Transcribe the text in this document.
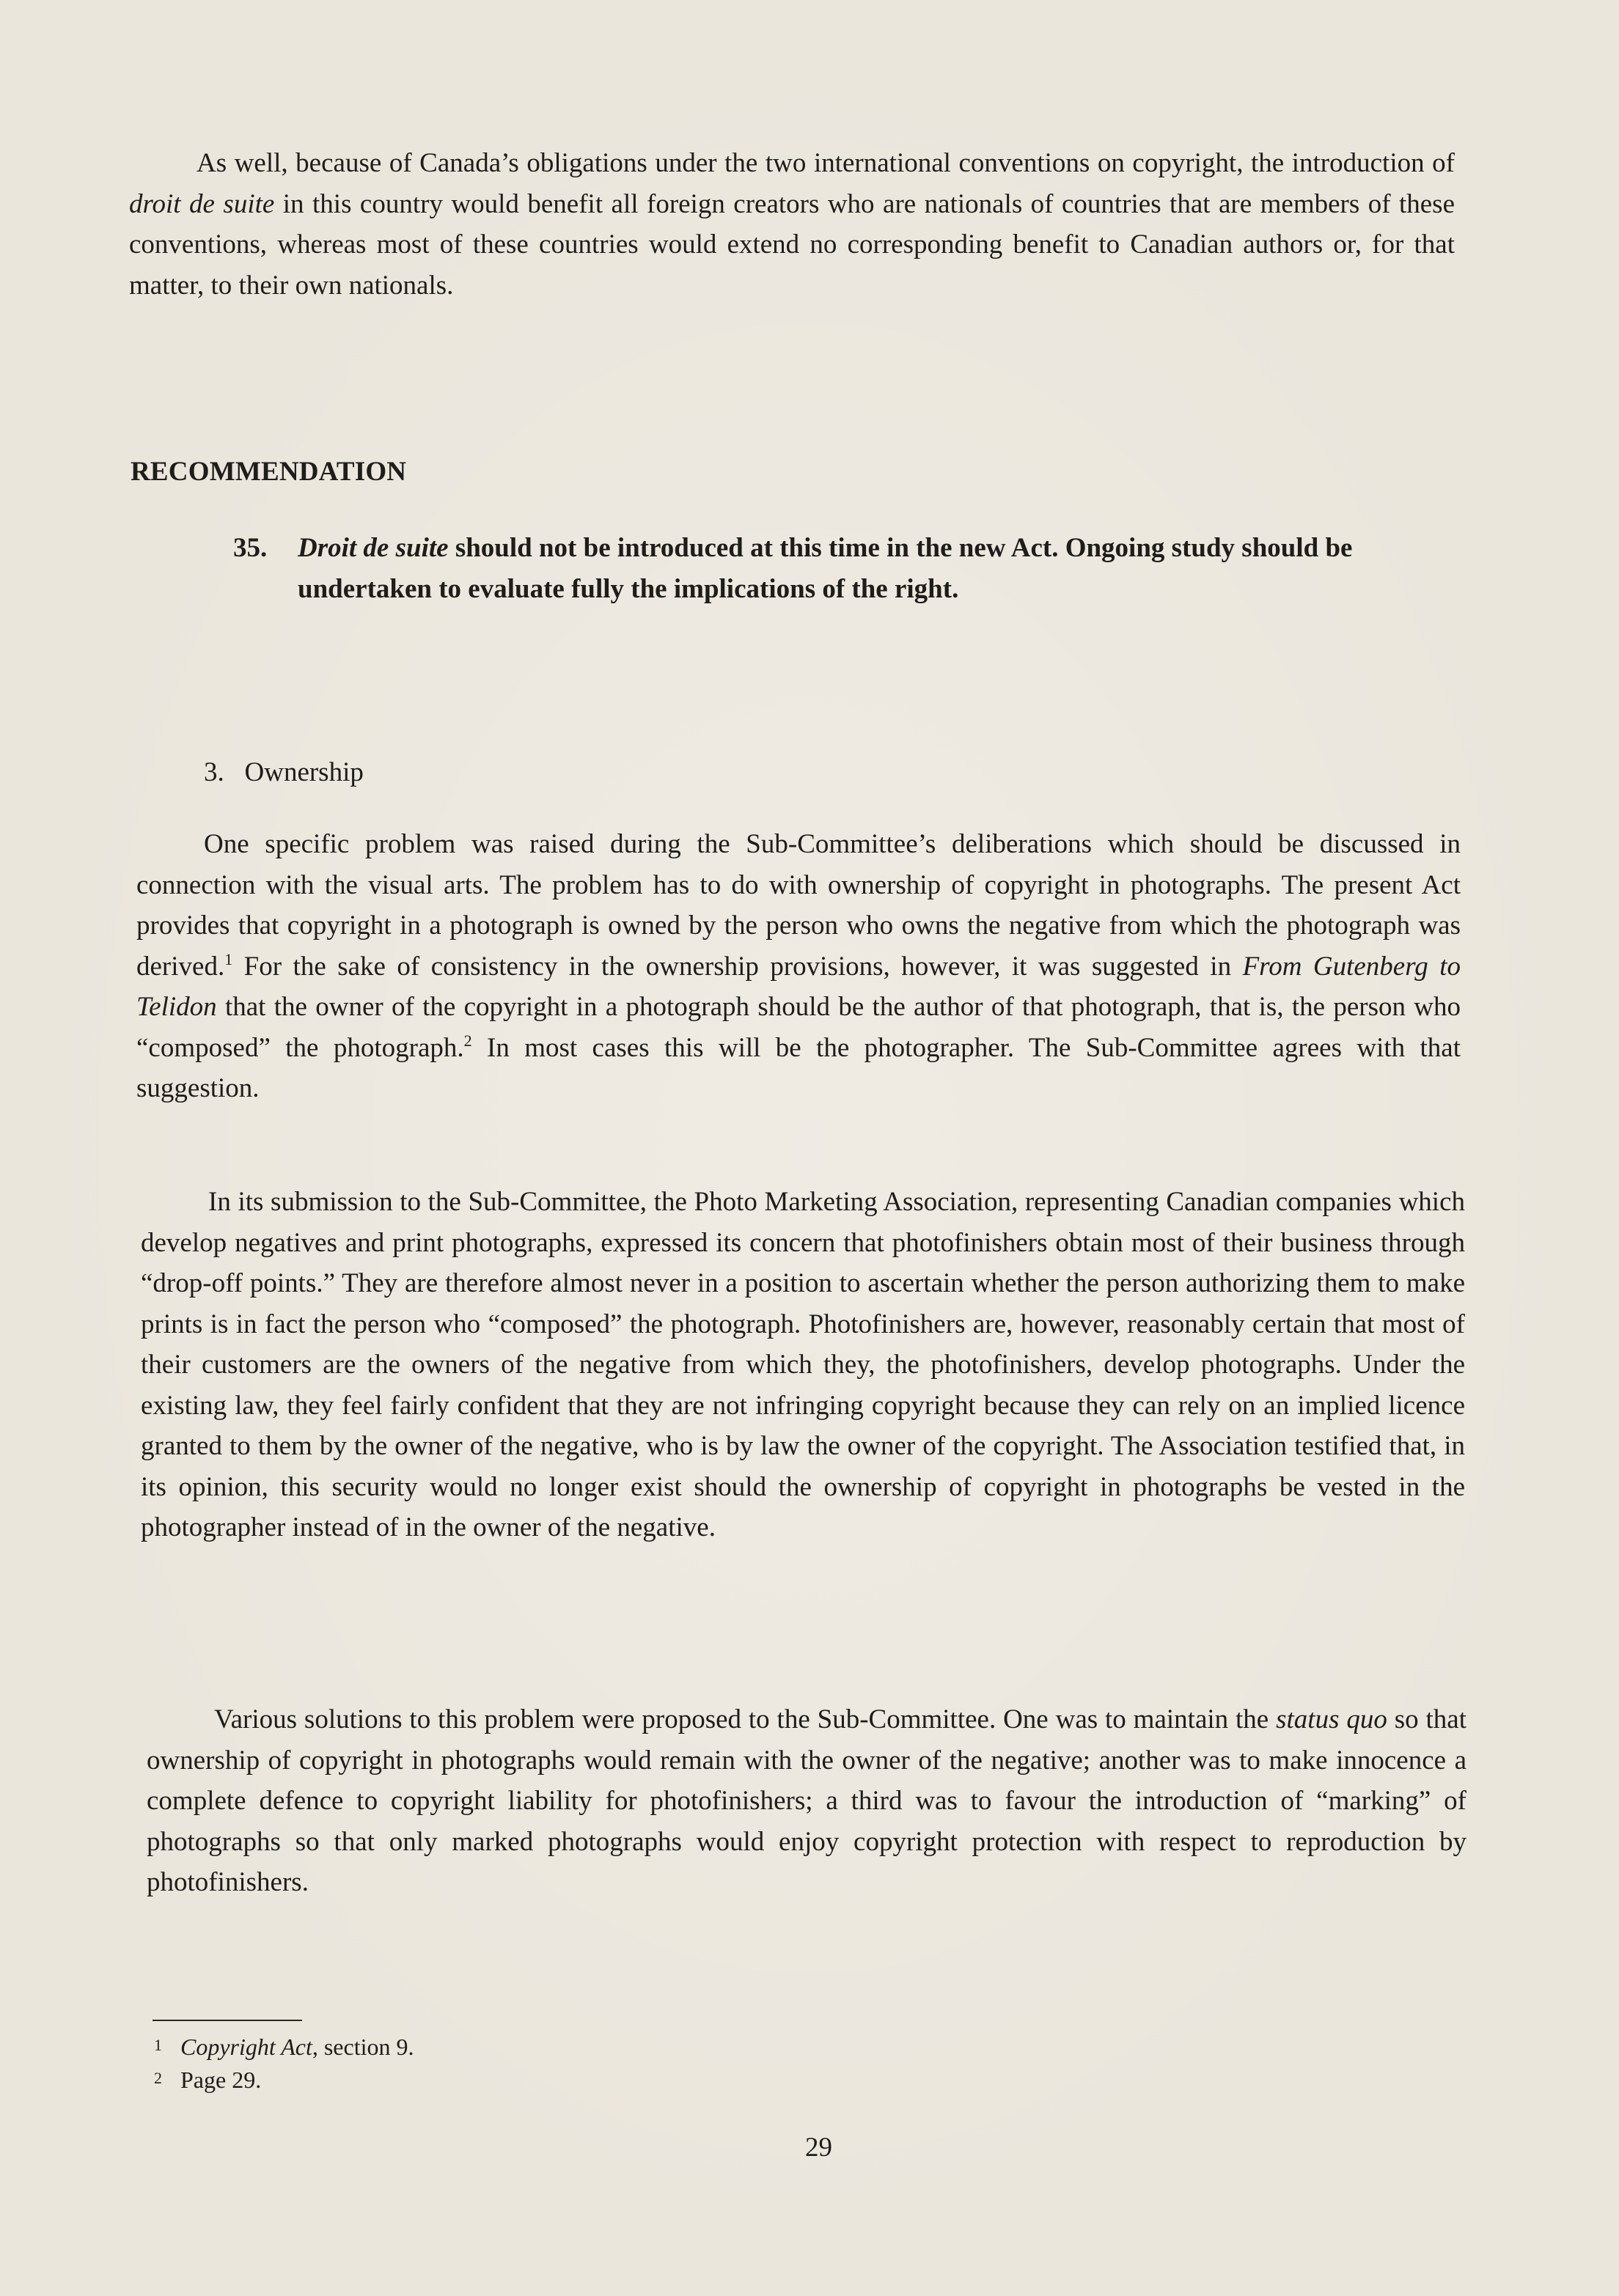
As well, because of Canada’s obligations under the two international conventions on copyright, the introduction of droit de suite in this country would benefit all foreign creators who are nationals of countries that are members of these conventions, whereas most of these countries would extend no corresponding benefit to Canadian authors or, for that matter, to their own nationals.
RECOMMENDATION
35. Droit de suite should not be introduced at this time in the new Act. Ongoing study should be undertaken to evaluate fully the implications of the right.
3.   Ownership
One specific problem was raised during the Sub-Committee’s deliberations which should be discussed in connection with the visual arts. The problem has to do with ownership of copyright in photographs. The present Act provides that copyright in a photograph is owned by the person who owns the negative from which the photograph was derived.$^1$ For the sake of consistency in the ownership provisions, however, it was suggested in From Gutenberg to Telidon that the owner of the copyright in a photograph should be the author of that photograph, that is, the person who “composed” the photograph.$^2$ In most cases this will be the photographer. The Sub-Committee agrees with that suggestion.
In its submission to the Sub-Committee, the Photo Marketing Association, representing Canadian companies which develop negatives and print photographs, expressed its concern that photofinishers obtain most of their business through “drop-off points.” They are therefore almost never in a position to ascertain whether the person authorizing them to make prints is in fact the person who “composed” the photograph. Photofinishers are, however, reasonably certain that most of their customers are the owners of the negative from which they, the photofinishers, develop photographs. Under the existing law, they feel fairly confident that they are not infringing copyright because they can rely on an implied licence granted to them by the owner of the negative, who is by law the owner of the copyright. The Association testified that, in its opinion, this security would no longer exist should the ownership of copyright in photographs be vested in the photographer instead of in the owner of the negative.
Various solutions to this problem were proposed to the Sub-Committee. One was to maintain the status quo so that ownership of copyright in photographs would remain with the owner of the negative; another was to make innocence a complete defence to copyright liability for photofinishers; a third was to favour the introduction of “marking” of photographs so that only marked photographs would enjoy copyright protection with respect to reproduction by photofinishers.
1 Copyright Act, section 9.
2 Page 29.
29
